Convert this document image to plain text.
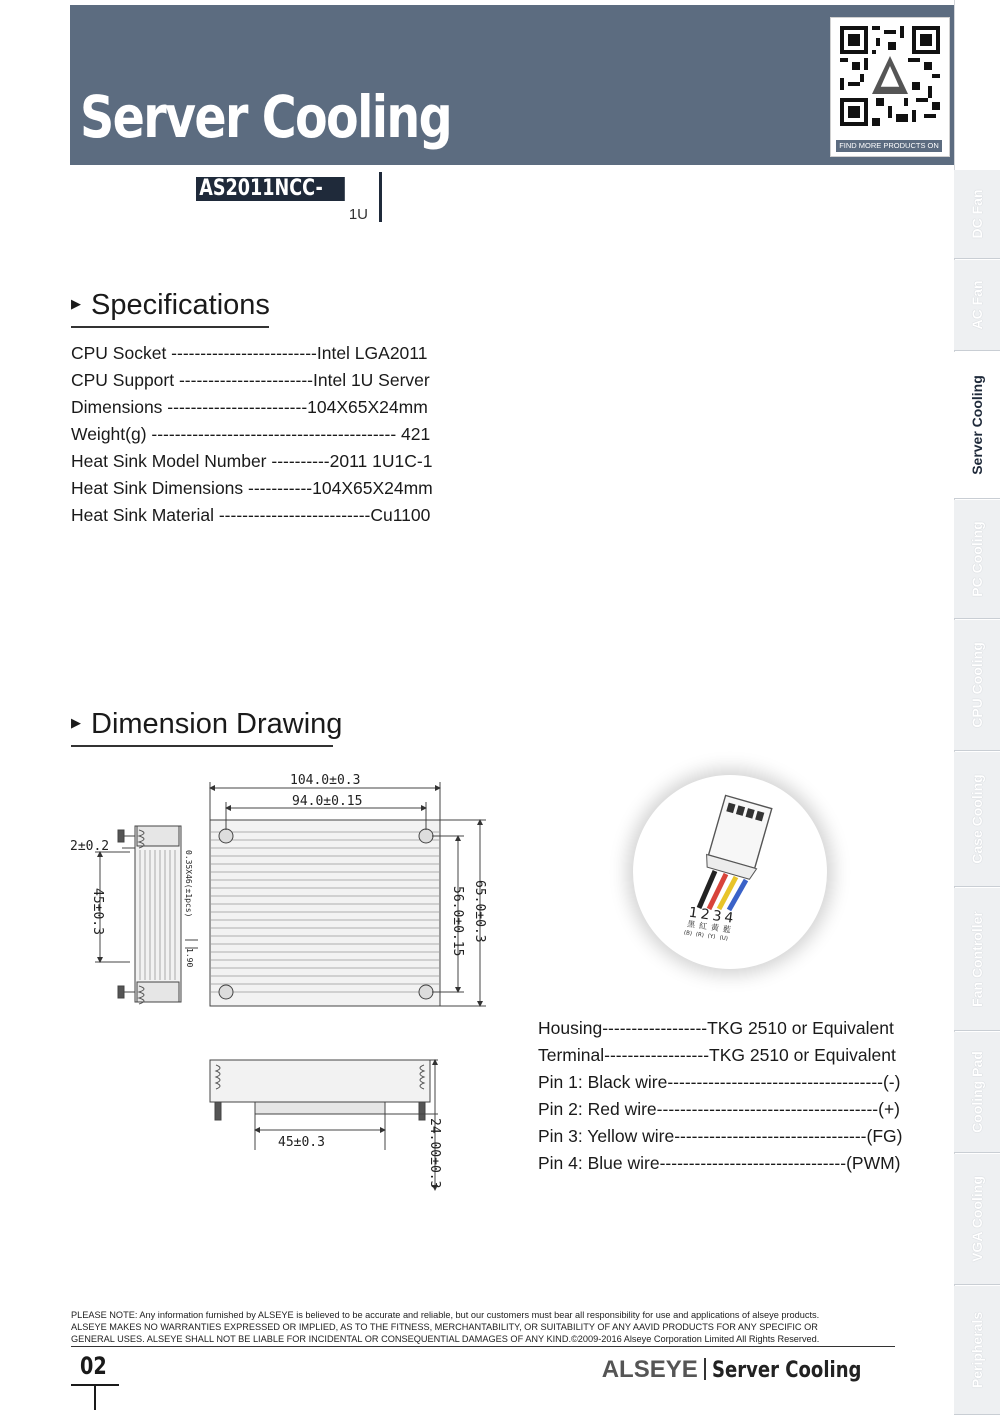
Server Cooling	FIND MORE PRODUCTS ON
AS2011NCC-001	1U
▶ Specifications
CPU Socket -------------------------Intel LGA2011
CPU Support -----------------------Intel 1U Server
Dimensions ------------------------104X65X24mm
Weight(g) ------------------------------------------ 421
Heat Sink Model Number ----------2011 1U1C-1
Heat Sink Dimensions -----------104X65X24mm
Heat Sink Material --------------------------Cu1100
▶ Dimension Drawing
104.0±0.3
94.0±0.15
56.0±0.15 65.0±0.3
2±0.2
45±0.3	0.35X46(±1pcs)
1.90
45±0.3	24.00±0.3
1 2 3 4
黑 紅 黃 藍
(B) (R) (Y) (U)
Housing------------------TKG 2510 or Equivalent
Terminal------------------TKG 2510 or Equivalent
Pin 1: Black wire-------------------------------------(-)
Pin 2: Red wire--------------------------------------(+)
Pin 3: Yellow wire---------------------------------(FG)
Pin 4: Blue wire--------------------------------(PWM)
DC Fan
AC Fan
Server Cooling
PC Cooling
CPU Cooling
Case Cooling
Fan Controller
Cooling Pad
VGA Cooling
Peripherals
PLEASE NOTE: Any information furnished by ALSEYE is believed to be accurate and reliable, but our customers must bear all responsibility for use and applications of alseye products.
ALSEYE MAKES NO WARRANTIES EXPRESSED OR IMPLIED, AS TO THE FITNESS, MERCHANTABILITY, OR SUITABILITY OF ANY AAVID PRODUCTS FOR ANY SPECIFIC OR
GENERAL USES. ALSEYE SHALL NOT BE LIABLE FOR INCIDENTAL OR CONSEQUENTIAL DAMAGES OF ANY KIND.©2009-2016 Alseye Corporation Limited All Rights Reserved.
02	ALSEYE Server Cooling
